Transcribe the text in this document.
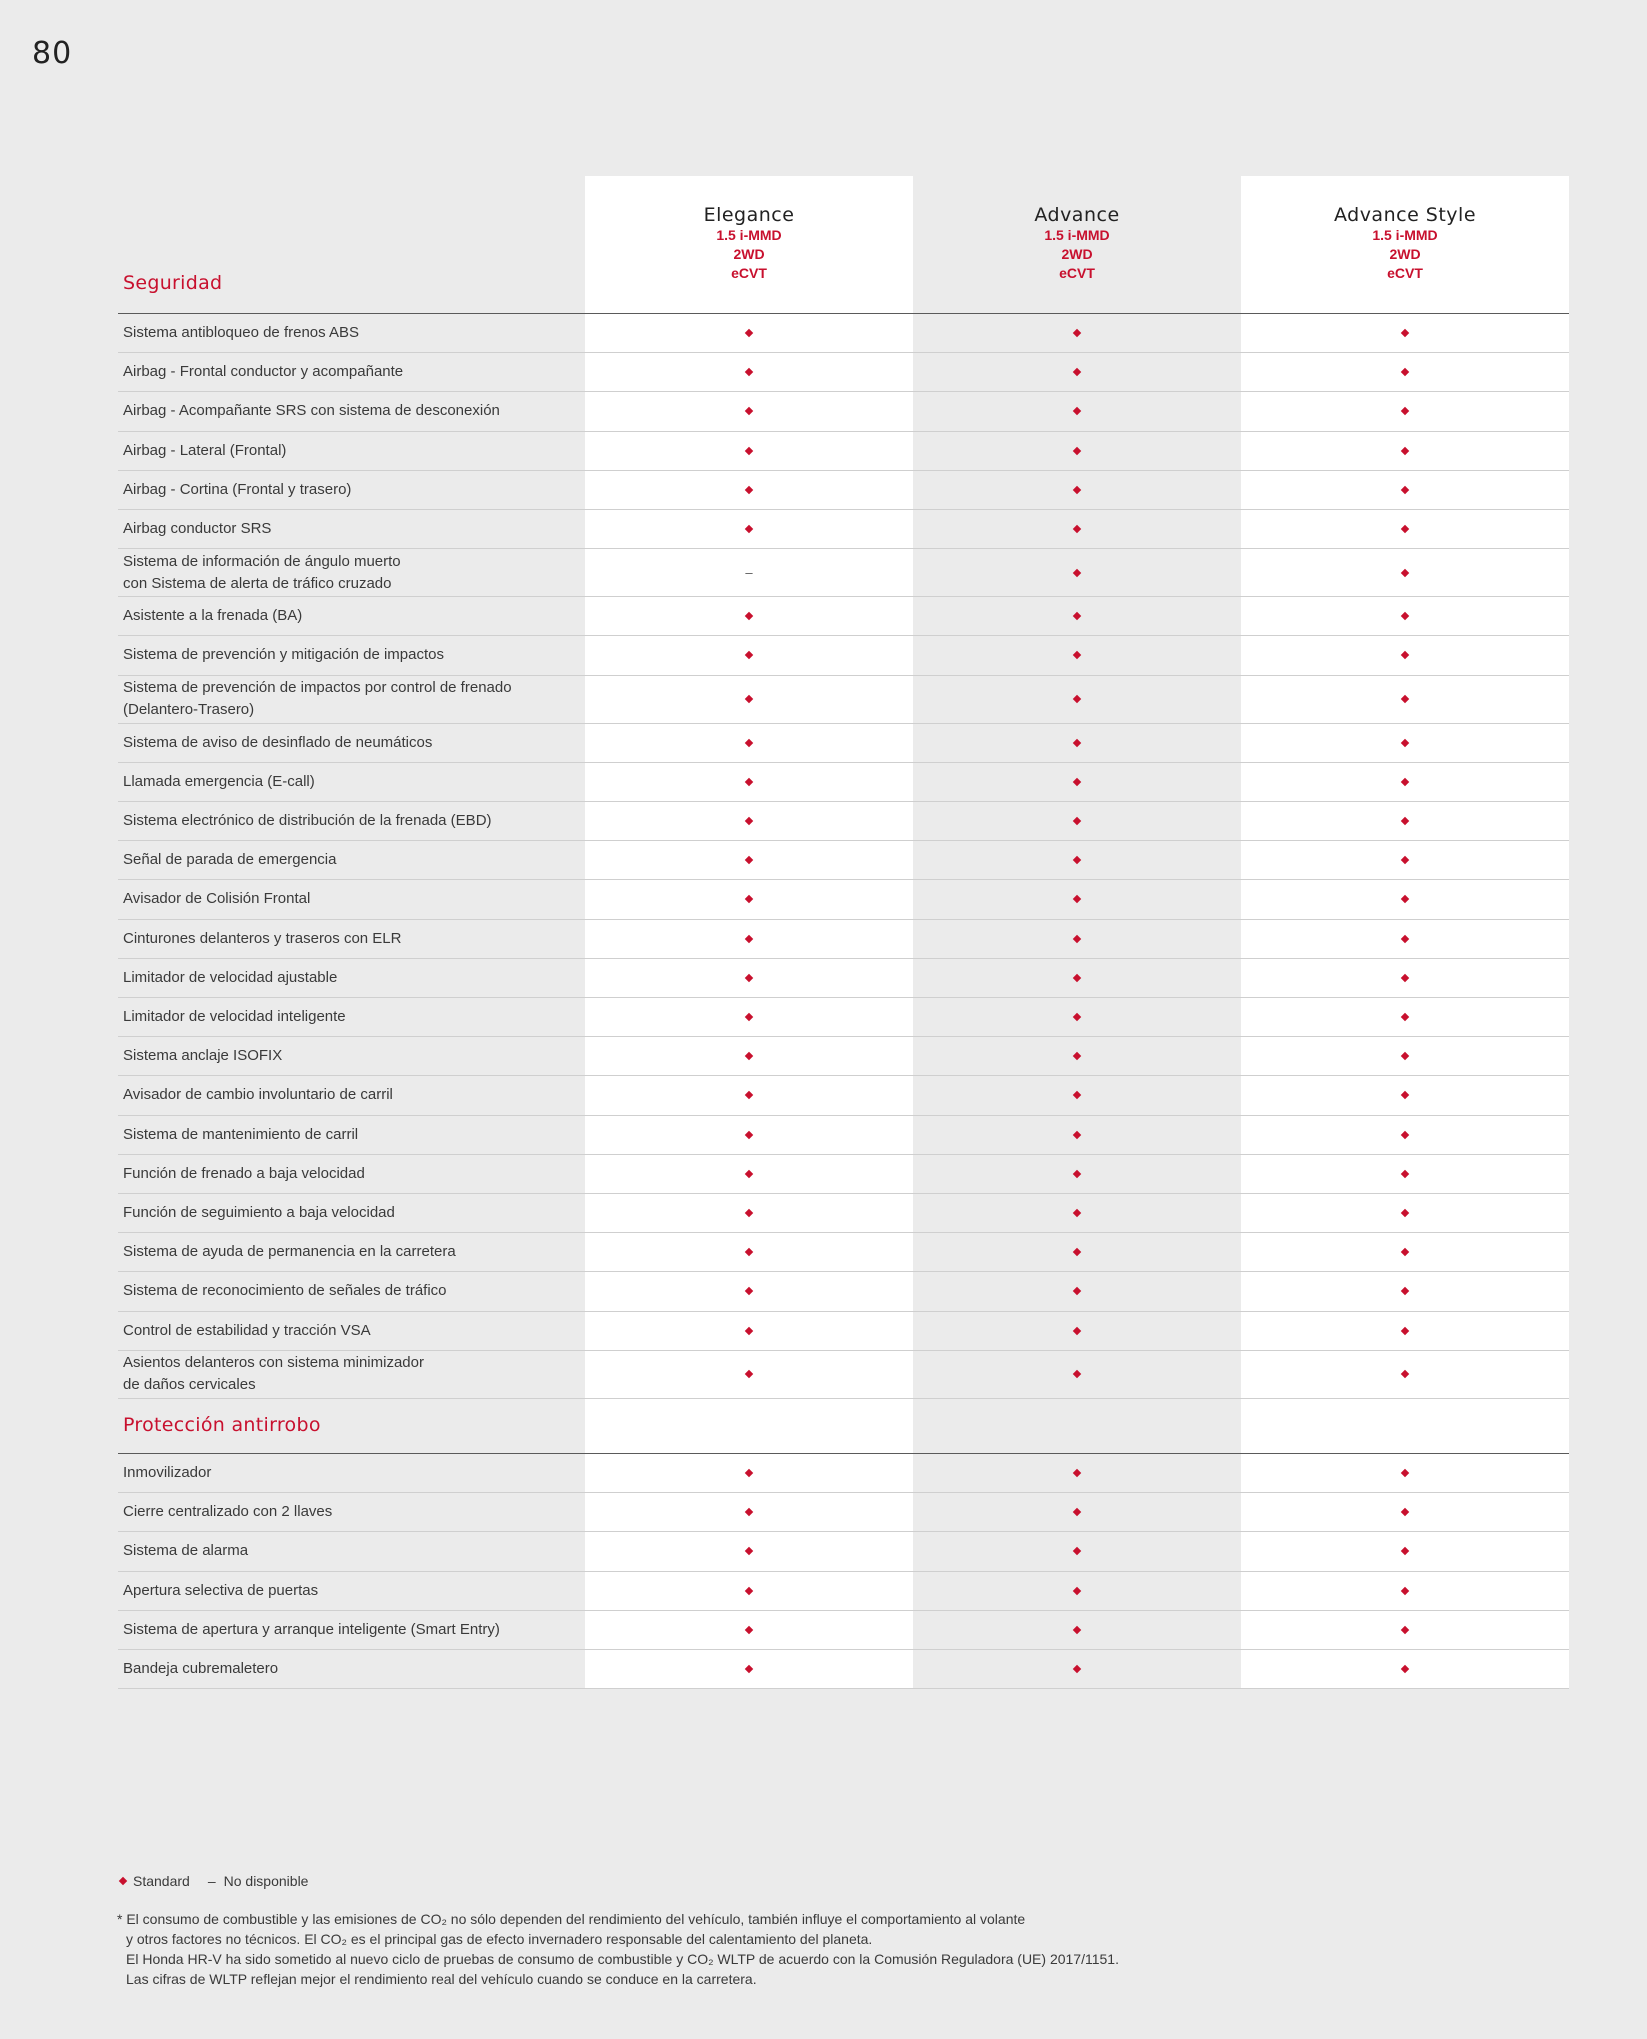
80
Elegance
1.5 i-MMD
2WD
eCVT
Advance
1.5 i-MMD
2WD
eCVT
Advance Style
1.5 i-MMD
2WD
eCVT
Seguridad
Sistema antibloqueo de frenos ABS
Airbag - Frontal conductor y acompañante
Airbag - Acompañante SRS con sistema de desconexión
Airbag - Lateral (Frontal)
Airbag - Cortina (Frontal y trasero)
Airbag conductor SRS
Sistema de información de ángulo muerto
con Sistema de alerta de tráfico cruzado
–
Asistente a la frenada (BA)
Sistema de prevención y mitigación de impactos
Sistema de prevención de impactos por control de frenado
(Delantero-Trasero)
Sistema de aviso de desinflado de neumáticos
Llamada emergencia (E-call)
Sistema electrónico de distribución de la frenada (EBD)
Señal de parada de emergencia
Avisador de Colisión Frontal
Cinturones delanteros y traseros con ELR
Limitador de velocidad ajustable
Limitador de velocidad inteligente
Sistema anclaje ISOFIX
Avisador de cambio involuntario de carril
Sistema de mantenimiento de carril
Función de frenado a baja velocidad
Función de seguimiento a baja velocidad
Sistema de ayuda de permanencia en la carretera
Sistema de reconocimiento de señales de tráfico
Control de estabilidad y tracción VSA
Asientos delanteros con sistema minimizador
de daños cervicales
Protección antirrobo
Inmovilizador
Cierre centralizado con 2 llaves
Sistema de alarma
Apertura selectiva de puertas
Sistema de apertura y arranque inteligente (Smart Entry)
Bandeja cubremaletero
Standard – No disponible
* El consumo de combustible y las emisiones de CO₂ no sólo dependen del rendimiento del vehículo, también influye el comportamiento al volante
y otros factores no técnicos. El CO₂ es el principal gas de efecto invernadero responsable del calentamiento del planeta.
El Honda HR-V ha sido sometido al nuevo ciclo de pruebas de consumo de combustible y CO₂ WLTP de acuerdo con la Comusión Reguladora (UE) 2017/1151.
Las cifras de WLTP reflejan mejor el rendimiento real del vehículo cuando se conduce en la carretera.
